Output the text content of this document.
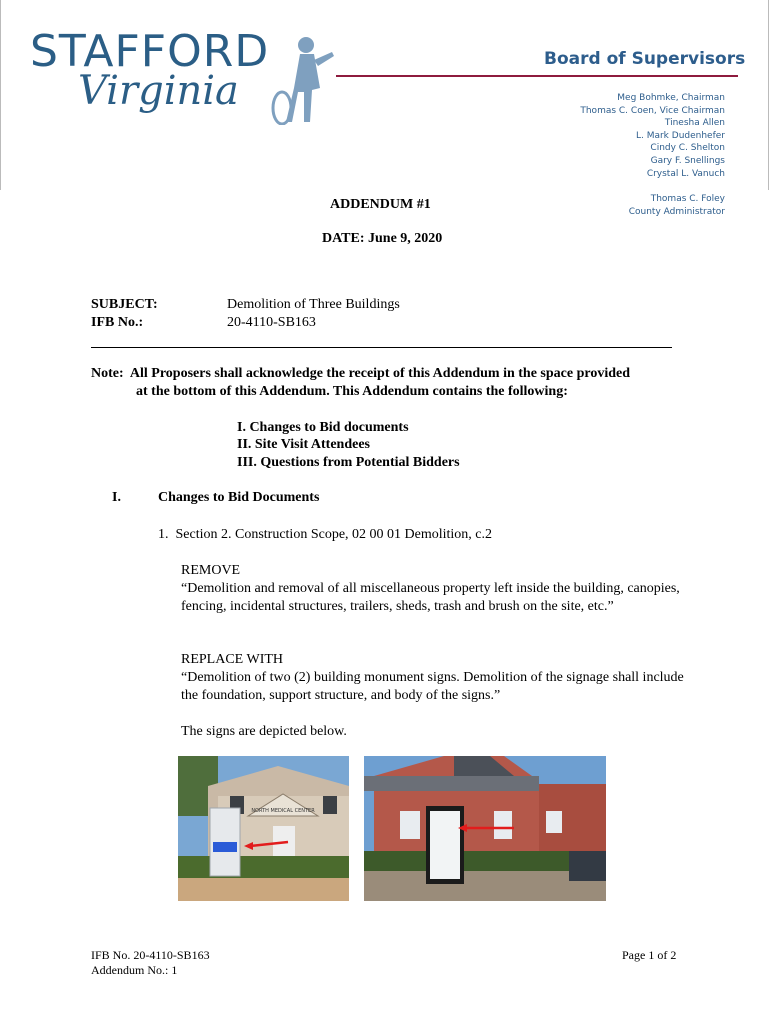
STAFFORD
Virginia
Board of Supervisors
Meg Bohmke, Chairman
Thomas C. Coen, Vice Chairman
Tinesha Allen
L. Mark Dudenhefer
Cindy C. Shelton
Gary F. Snellings
Crystal L. Vanuch
Thomas C. Foley
County Administrator
ADDENDUM #1
DATE: June 9, 2020
SUBJECT:
IFB No.:
Demolition of Three Buildings
20-4110-SB163
Note:  All Proposers shall acknowledge the receipt of this Addendum in the space provided
at the bottom of this Addendum. This Addendum contains the following:
I. Changes to Bid documents
II. Site Visit Attendees
III. Questions from Potential Bidders
I.	Changes to Bid Documents
1.  Section 2. Construction Scope, 02 00 01 Demolition, c.2
REMOVE
“Demolition and removal of all miscellaneous property left inside the building, canopies, fencing, incidental structures, trailers, sheds, trash and brush on the site, etc.”
REPLACE WITH
“Demolition of two (2) building monument signs. Demolition of the signage shall include the foundation, support structure, and body of the signs.”
The signs are depicted below.
NORTH MEDICAL CENTER
IFB No. 20-4110-SB163
Addendum No.: 1
Page 1 of 2
